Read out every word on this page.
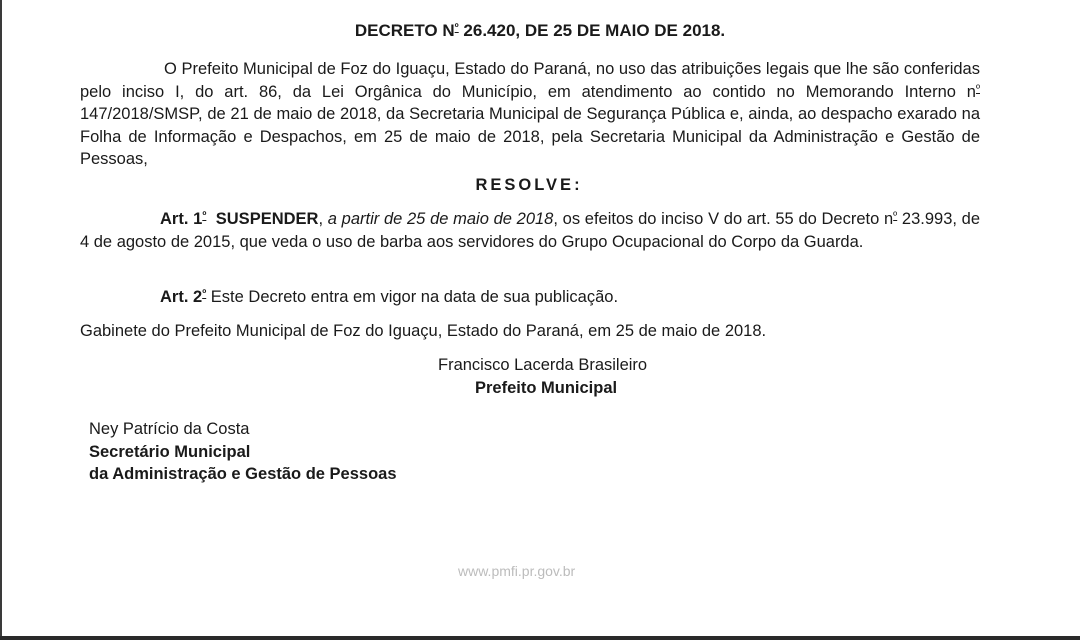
DECRETO $N^º$ 26.420, DE 25 DE MAIO DE 2018.
O Prefeito Municipal de Foz do Iguaçu, Estado do Paraná, no uso das atribuições legais que lhe são conferidas pelo inciso I, do art. 86, da Lei Orgânica do Município, em atendimento ao contido no Memorando Interno $n^º$ 147/2018/SMSP, de 21 de maio de 2018, da Secretaria Municipal de Segurança Pública e, ainda, ao despacho exarado na Folha de Informação e Despachos, em 25 de maio de 2018, pela Secretaria Municipal da Administração e Gestão de Pessoas,
RESOLVE:
Art. $1^º$ SUSPENDER, a partir de 25 de maio de 2018, os efeitos do inciso V do art. 55 do Decreto $n^º$ 23.993, de 4 de agosto de 2015, que veda o uso de barba aos servidores do Grupo Ocupacional do Corpo da Guarda.
Art. $2^º$ Este Decreto entra em vigor na data de sua publicação.
Gabinete do Prefeito Municipal de Foz do Iguaçu, Estado do Paraná, em 25 de maio de 2018.
Francisco Lacerda Brasileiro
Prefeito Municipal
Ney Patrício da Costa
Secretário Municipal
da Administração e Gestão de Pessoas
www.pmfi.pr.gov.br
